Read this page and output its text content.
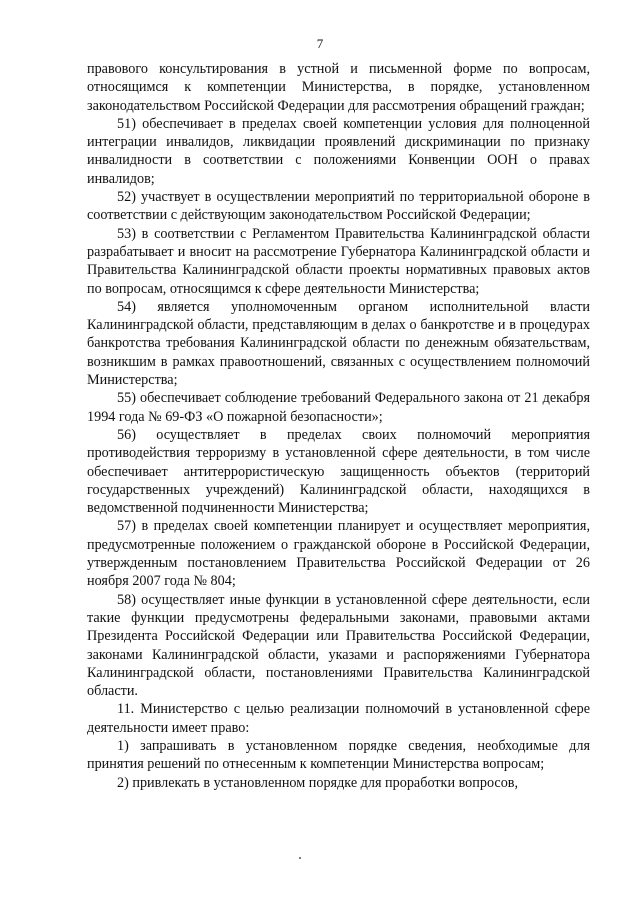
7

правового консультирования в устной и письменной форме по вопросам, относящимся к компетенции Министерства, в порядке, установленном законодательством Российской Федерации для рассмотрения обращений граждан;

51) обеспечивает в пределах своей компетенции условия для полноценной интеграции инвалидов, ликвидации проявлений дискриминации по признаку инвалидности в соответствии с положениями Конвенции ООН о правах инвалидов;

52) участвует в осуществлении мероприятий по территориальной обороне в соответствии с действующим законодательством Российской Федерации;

53) в соответствии с Регламентом Правительства Калининградской области разрабатывает и вносит на рассмотрение Губернатора Калининградской области и Правительства Калининградской области проекты нормативных правовых актов по вопросам, относящимся к сфере деятельности Министерства;

54) является уполномоченным органом исполнительной власти Калининградской области, представляющим в делах о банкротстве и в процедурах банкротства требования Калининградской области по денежным обязательствам, возникшим в рамках правоотношений, связанных с осуществлением полномочий Министерства;

55) обеспечивает соблюдение требований Федерального закона от 21 декабря 1994 года № 69-ФЗ «О пожарной безопасности»;

56) осуществляет в пределах своих полномочий мероприятия противодействия терроризму в установленной сфере деятельности, в том числе обеспечивает антитеррористическую защищенность объектов (территорий государственных учреждений) Калининградской области, находящихся в ведомственной подчиненности Министерства;

57) в пределах своей компетенции планирует и осуществляет мероприятия, предусмотренные положением о гражданской обороне в Российской Федерации, утвержденным постановлением Правительства Российской Федерации от 26 ноября 2007 года № 804;

58) осуществляет иные функции в установленной сфере деятельности, если такие функции предусмотрены федеральными законами, правовыми актами Президента Российской Федерации или Правительства Российской Федерации, законами Калининградской области, указами и распоряжениями Губернатора Калининградской области, постановлениями Правительства Калининградской области.

11. Министерство с целью реализации полномочий в установленной сфере деятельности имеет право:

1) запрашивать в установленном порядке сведения, необходимые для принятия решений по отнесенным к компетенции Министерства вопросам;

2) привлекать в установленном порядке для проработки вопросов,
